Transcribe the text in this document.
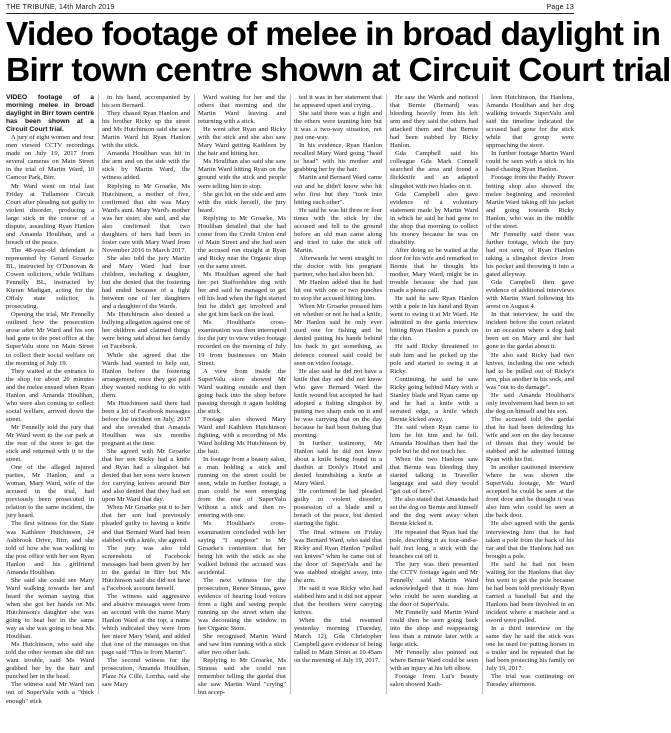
THE TRIBUNE, 14th March 2019	Page 13
Video footage of melee in broad daylight in
Birr town centre shown at Circuit Court trial

VIDEO footage of a morning melee in broad daylight in Birr town centre has been shown at a Circuit Court trial.

A jury of eight women and four men viewed CCTV recordings made on July 19, 2017 from several cameras on Main Street in the trial of Martin Ward, 10 Camcor Park, Birr.

Mr Ward went on trial last Friday at Tullamore Circuit Court after pleading not guilty to violent disorder, producing a large stick in the course of a dispute, assaulting Ryan Hanlon and Amanda Houlihan, and a breach of the peace.

The 48-year-old defendant is represented by Gerard Groarke BL, instructed by O'Donovan & Cowen solicitors, while William Fennelly BL, instructed by Kieran Madigan, acting for the Offaly state solicitor, is prosecuting.

Opening the trial, Mr Fennelly outlined how the prosecution arose after Mr Ward and his son had gone to the post office at the SuperValu store on Main Street to collect their social welfare on the morning of July 19.

They waited at the entrance to the shop for about 20 minutes and the melee ensued when Ryan Hanlon and Amanda Houlihan, who were also coming to collect social welfare, arrived down the street.

Mr Fennelly told the jury that Mr Ward went to the car park at the rear of the store to get the stick and returned with it to the street.

One of the alleged injured parties, Mr Hanlon, and a woman, Mary Ward, wife of the accused in the trial, had previously been prosecuted in relation to the same incident, the jury heard.

The first witness for the State was Kathleen Hutchinson, 24 Ashbrook Drive, Birr, and she told of how she was walking to the post office with her son Ryan Hanlon and his girlfriend Amanda Houlihan.

She said she could see Mary Ward walking towards her and heard the woman saying that when she got her hands on Ms Hutchinson's daughter she was going to beat her in the same way as she was going to beat Ms Houlihan.

Ms Hutchinson, who said she told the other woman she did not want trouble, said Ms Ward grabbed her by the hair and punched her in the head.

The witness said Mr Ward ran out of SuperValu with a "thick enough" stick

in his hand, accompanied by his son Bernard.

They chased Ryan Hanlon and his brother Ricky up the street and Ms Hutchinson said she saw Martin Ward hit Ryan Hanlon with the stick.

Amanda Houlihan was hit in the arm and on the side with the stick by Martin Ward, the witness added.

Replying to Mr Groarke, Ms Hutchinson, a mother of five, confirmed that she was Mary Ward's aunt. Mary Ward's mother was her sister, she said, and she also confirmed that two daughters of hers had been in foster care with Mary Ward from November 2016 to March 2017.

She also told the jury Martin and Mary Ward had four children, including a daughter, but she denied that the fostering had ended because of a fight between one of her daughters and a daughter of the Wards.

Ms Hutchinson also denied a bullying allegation against one of her children and claimed things were being said about her family on Facebook.

While she agreed that the Wards had wanted to help out, Hanlon before the fostering arrangement, once they got paid they wanted nothing to do with them.

Ms Hutchinson said there had been a lot of Facebook messages before the incident on July, 2017 and she revealed that Amanda Houlihan was six months pregnant at the time.

She agreed with Mr Groarke that her son Ricky had a knife and Ryan had a slingshot but denied that her sons were known for carrying knives around Birr and also denied that they had set upon Mr Ward that day.

When Mr Groarke put it to her that her son had previously pleaded guilty to having a knife and that Bernard Ward had been stabbed with a knife, she agreed.

The jury was also told screenshots of Facebook messages had been given by her to the gardaí in Birr but Ms Hutchinson said she did not have a Facebook account herself.

The witness said aggressive and abusive messages were from an account with the name Mary Hanlon Ward at the top, a name which indicated they were from her niece Mary Ward, and added that one of the messages on that page said "This is from Martin".

The second witness for the prosecution, Amanda Houlihan, Plaze Na Cille, Lorrha, said she saw Mary

Ward waiting for her and the others that morning and the Martin Ward leaving and returning with a stick.

He went after Ryan and Ricky with the stick and she also saw Mary Ward getting Kathleen by the hair and hitting her.

Ms Houlihan also said she saw Martin Ward hitting Ryan on the ground with the stick and people were telling him to stop.

She got hit on the side and arm with the stick herself, the jury heard.

Replying to Mr Groarke, Ms Houlihan detailed that she had come from the Credit Union end of Main Street and she had seen the accused run straight at Ryan and Ricky near the Organic shop on the same street.

Ms Houlihan agreed she had her pet Staffordshire dog with her and said he managed to get off his lead when the fight started but he didn't get involved and she got him back on the lead.

Ms Houlihan's cross-examination was then interrupted for the jury to view video footage recorded on the morning of July 19 from businesses on Main Street.

A view from inside the SuperValu store showed Mr Ward waiting outside and then going back into the shop before passing through it again holding the stick.

Footage also showed Mary Ward and Kathleen Hutchinson fighting, with a recording of Ms Ward holding Ms Hutchinson by the hair.

In footage from a beauty salon, a man holding a stick and running on the street could be seen, while in further footage, a man could be seen emerging from the rear of SuperValu without a stick and then re-entering with one.

Ms Houlihan's cross-examination concluded with her saying "I suppose" to Mr Groarke's contention that her being hit with the stick as she walked behind the accused was accidental.

The next witness for the prosecution, Renee Strauss, gave evidence of hearing loud voices from a fight and seeing people running up the street when she was decorating the window in her Organic Store.

She recognised Martin Ward and saw him running with a stick after two other lads.

Replying to Mr Groarke, Ms Strauss said she could not remember telling the gardaí that she saw Martin Ward "crying" but accep-

ted it was in her statement that he appeared upset and crying.

She said there was a fight and the others were taunting him but it was a two-way situation, not just one-way.

In his evidence, Ryan Hanlon recalled Mary Ward going "head to head" with his mother and grabbing her by the hair.

Martin and Bernard Ward came out and he didn't know who hit who first but they "took into hitting each other".

He said he was hit three or four times with the stick by the accused and fell to the ground before an old man came along and tried to take the stick off Martin.

Afterwards he went straight to the doctor with his pregnant partner, who had also been hit.

Mr Hanlon added that he had hit out with one or two punches to stop the accused hitting him.

When Mr Groarke pressed him on whether or not he had a knife, Mr Hanlon said he only ever used one for fishing and he denied putting his hands behind his back to get something, as defence counsel said could be seen on video footage.

He also said he did not have a knife that day and did not know who gave Bernard Ward the knife wound but accepted he had adopted a fishing slingshot by putting two sharp ends on it and he was carrying that on the day because he had been fishing that morning.

In further testimony, Mr Hanlon said he did not know about a knife being found in a dustbin at Dooly's Hotel and denied brandishing a knife at Mary Ward.

He confirmed he had pleaded guilty to violent disorder, possession of a blade and a breach of the peace, but denied starting the fight.

The final witness on Friday was Bernard Ward, who said that Ricky and Ryan Hanlon "pulled out knives" when he came out of the door of SuperValu and he was stabbed straight away, into the arm.

He said it was Ricky who had stabbed him and it did not appear that the brothers were carrying knives.

When the trial resumed yesterday morning (Tuesday, March 12), Gda Christopher Campbell gave evidence of being called to Main Street at 10.45am on the morning of July 19, 2017.

He saw the Wards and noticed that Bernie (Bernard) was bleeding heavily from his left arm and they said the others had attacked them and that Bernie had been stabbed by Ricky Hanlon.

Gda Campbell said his colleague Gda Mark Connell searched the area and found a flickknife and an adapted slingshot with two blades on it.

Gda Campbell also gave evidence of a voluntary statement made by Martin Ward in which he said he had gone to the shop that morning to collect his money because he was on disability.

After doing so he waited at the door for his wife and remarked to Bernie that he thought his mother, Mary Ward, might be in trouble because she had just made a phone call.

He said he saw Ryan Hanlon with a pole in his hand and Ryan went to swing it at Mr Ward. He admitted in the garda interview hitting Ryan Hanlon a punch on the chin.

He said Ricky threatened to stab him and he picked up the pole and started to swing it at Ricky.

Continuing, he said he saw Ricky going behind Mary with a Stanley blade and Ryan came up and he had a knife with a serrated edge, a knife which Bernie kicked away.

He said when Ryan came to him he hit him and he fell. Amanda Houlihan then had the pole but he did not touch her.

When the two Hanlons saw that Bernie was bleeding they started talking in Traveller language and said they would "get out of here".

He also stated that Amanda had set the dog on Bernie and himself and the dog went away when Bernie kicked it.

He repeated that Ryan had the pole, describing it as four-and-a-half feet long, a stick with the branches cut off it.

The jury was then presented the CCTV footage again and Mr Fennelly said Martin Ward acknowledged that it was him who could be seen standing at the door of SuperValu.

Mr Fennelly said Martin Ward could then be seen going back into the shop and reappearing less than a minute later with a large stick.

Mr Fennelly also pointed out where Bernie Ward could be seen with an injury at his left elbow.

Footage from Lui's beauty salon showed Kath-

leen Hutchinson, the Hanlons, Amanda Houlihan and her dog walking towards SuperValu and said the timeline indicated the accused had gone for the stick while that group were approaching the store.

In further footage Martin Ward could be seen with a stick in his hand chasing Ryan Hanlon.

Footage from the Paddy Power betting shop also showed the melee beginning and recorded Martin Ward taking off his jacket and going towards Ricky Hanlon, who was in the middle of the street.

Mr Fennelly said there was further footage, which the jury had not seen, of Ryan Hanlon taking a slingshot device from his pocket and throwing it into a gated alleyway.

Gda Campbell then gave evidence of additional interviews with Martin Ward following his arrest on August 4.

In that interview, he said the incident before the court related to an occasion where a dog had been set on Mary and she had gone to the gardaí about it.

He also said Ricky had two knives, including the one which had to be pulled out of Ricky's arm, plus another in his sock, and was "out to do damage".

He said Amanda Houlihan's only involvement had been to set the dog on himself and his son.

The accused told the gardaí that he had been defending his wife and son on the day because of threats that they would be stabbed and he admitted hitting Ryan with his fist.

In another cautioned interview where he was shown the SuperValu footage, Mr Ward accepted he could be seen at the front door and he thought it was also him who could be seen at the back door.

He also agreed with the garda interviewing him that he had taken a pole from the back of his car and that the Hanlons had not brought a pole.

He said he had not been waiting for the Hanlons that day but went to get the pole because he had been told previously Ryan carried a baseball bat and the Hanlons had been involved in an incident where a machete and a sword were pulled.

In a third interview on the same day he said the stick was one he used for putting horses in a trailer and he repeated that he had been protecting his family on July 19, 2017.

The trial was continuing on Tuesday afternoon.
